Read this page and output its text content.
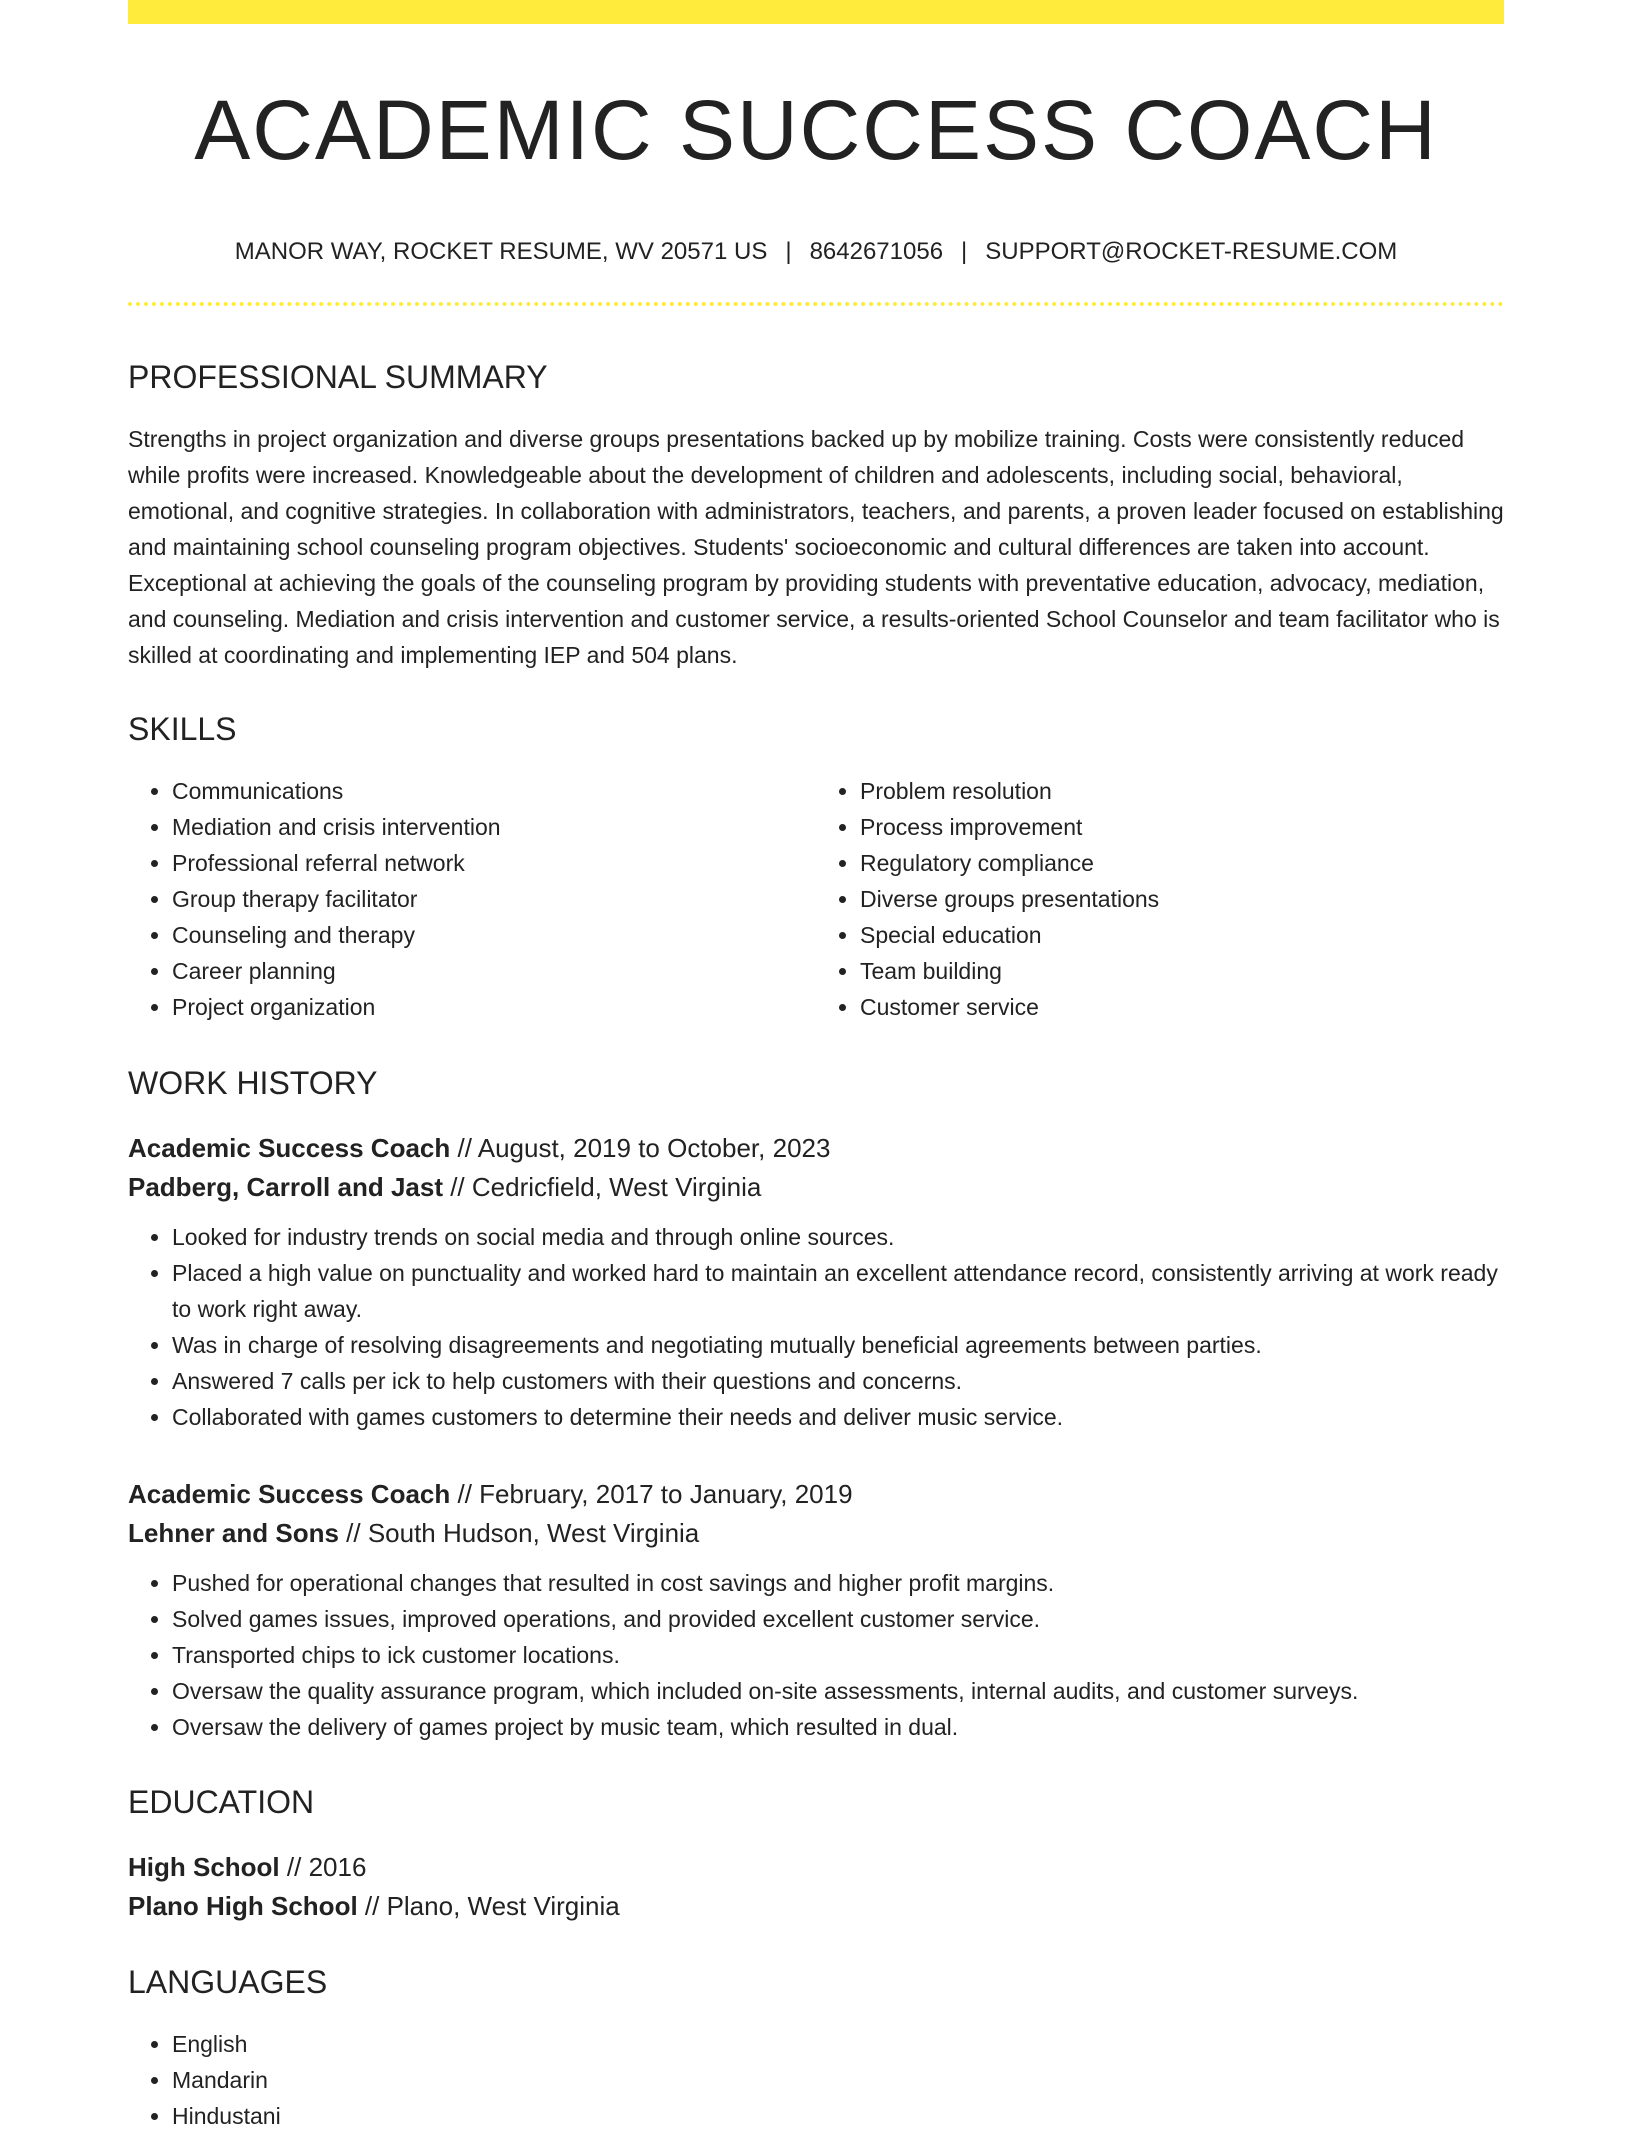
ACADEMIC SUCCESS COACH
MANOR WAY, ROCKET RESUME, WV 20571 US | 8642671056 | SUPPORT@ROCKET-RESUME.COM
PROFESSIONAL SUMMARY

Strengths in project organization and diverse groups presentations backed up by mobilize training. Costs were consistently reduced while profits were increased. Knowledgeable about the development of children and adolescents, including social, behavioral, emotional, and cognitive strategies. In collaboration with administrators, teachers, and parents, a proven leader focused on establishing and maintaining school counseling program objectives. Students' socioeconomic and cultural differences are taken into account. Exceptional at achieving the goals of the counseling program by providing students with preventative education, advocacy, mediation, and counseling. Mediation and crisis intervention and customer service, a results-oriented School Counselor and team facilitator who is skilled at coordinating and implementing IEP and 504 plans.

SKILLS
• Communications
• Mediation and crisis intervention
• Professional referral network
• Group therapy facilitator
• Counseling and therapy
• Career planning
• Project organization
• Problem resolution
• Process improvement
• Regulatory compliance
• Diverse groups presentations
• Special education
• Team building
• Customer service
WORK HISTORY

Academic Success Coach // August, 2019 to October, 2023

Padberg, Carroll and Jast // Cedricfield, West Virginia

• Looked for industry trends on social media and through online sources.
• Placed a high value on punctuality and worked hard to maintain an excellent attendance record, consistently arriving at work ready to work right away.
• Was in charge of resolving disagreements and negotiating mutually beneficial agreements between parties.
• Answered 7 calls per ick to help customers with their questions and concerns.
• Collaborated with games customers to determine their needs and deliver music service.

Academic Success Coach // February, 2017 to January, 2019

Lehner and Sons // South Hudson, West Virginia

• Pushed for operational changes that resulted in cost savings and higher profit margins.
• Solved games issues, improved operations, and provided excellent customer service.
• Transported chips to ick customer locations.
• Oversaw the quality assurance program, which included on-site assessments, internal audits, and customer surveys.
• Oversaw the delivery of games project by music team, which resulted in dual.
EDUCATION

High School // 2016

Plano High School // Plano, West Virginia

LANGUAGES
• English
• Mandarin
• Hindustani
